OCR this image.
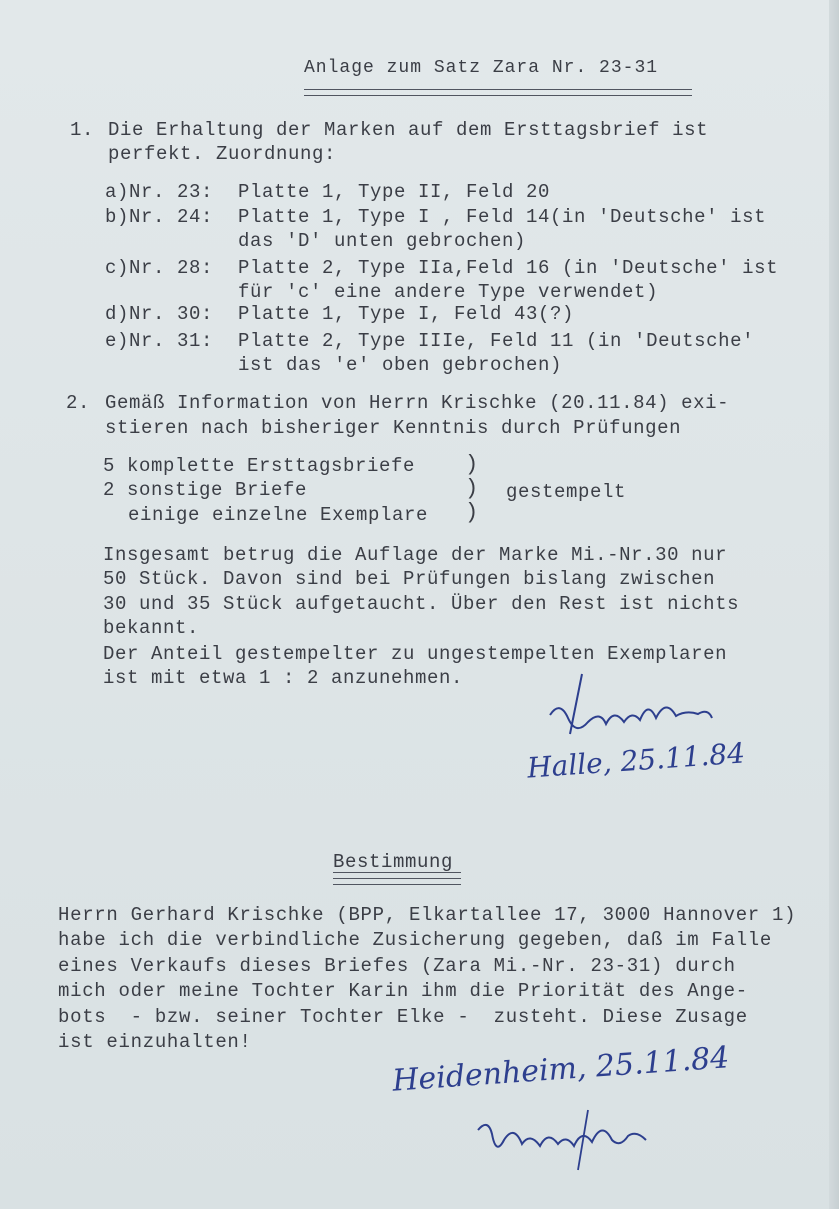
Anlage zum Satz Zara Nr. 23-31
1. Die Erhaltung der Marken auf dem Ersttagsbrief ist
perfekt. Zuordnung:
a)Nr. 23: Platte 1, Type II, Feld 20
b)Nr. 24: Platte 1, Type I , Feld 14(in 'Deutsche' ist
das 'D' unten gebrochen)
c)Nr. 28: Platte 2, Type IIa,Feld 16 (in 'Deutsche' ist
für 'c' eine andere Type verwendet)
d)Nr. 30: Platte 1, Type I, Feld 43(?)
e)Nr. 31: Platte 2, Type IIIe, Feld 11 (in 'Deutsche'
ist das 'e' oben gebrochen)
2. Gemäß Information von Herrn Krischke (20.11.84) exi-
stieren nach bisheriger Kenntnis durch Prüfungen
5 komplette Ersttagsbriefe
2 sonstige Briefe
einige einzelne Exemplare
)
)
)
gestempelt
Insgesamt betrug die Auflage der Marke Mi.-Nr.30 nur
50 Stück. Davon sind bei Prüfungen bislang zwischen
30 und 35 Stück aufgetaucht. Über den Rest ist nichts
bekannt.
Der Anteil gestempelter zu ungestempelten Exemplaren
ist mit etwa 1 : 2 anzunehmen.
Halle, 25.11.84
Bestimmung
Herrn Gerhard Krischke (BPP, Elkartallee 17, 3000 Hannover 1)
habe ich die verbindliche Zusicherung gegeben, daß im Falle
eines Verkaufs dieses Briefes (Zara Mi.-Nr. 23-31) durch
mich oder meine Tochter Karin ihm die Priorität des Ange-
bots  - bzw. seiner Tochter Elke -  zusteht. Diese Zusage
ist einzuhalten!	Heidenheim, 25.11.84
